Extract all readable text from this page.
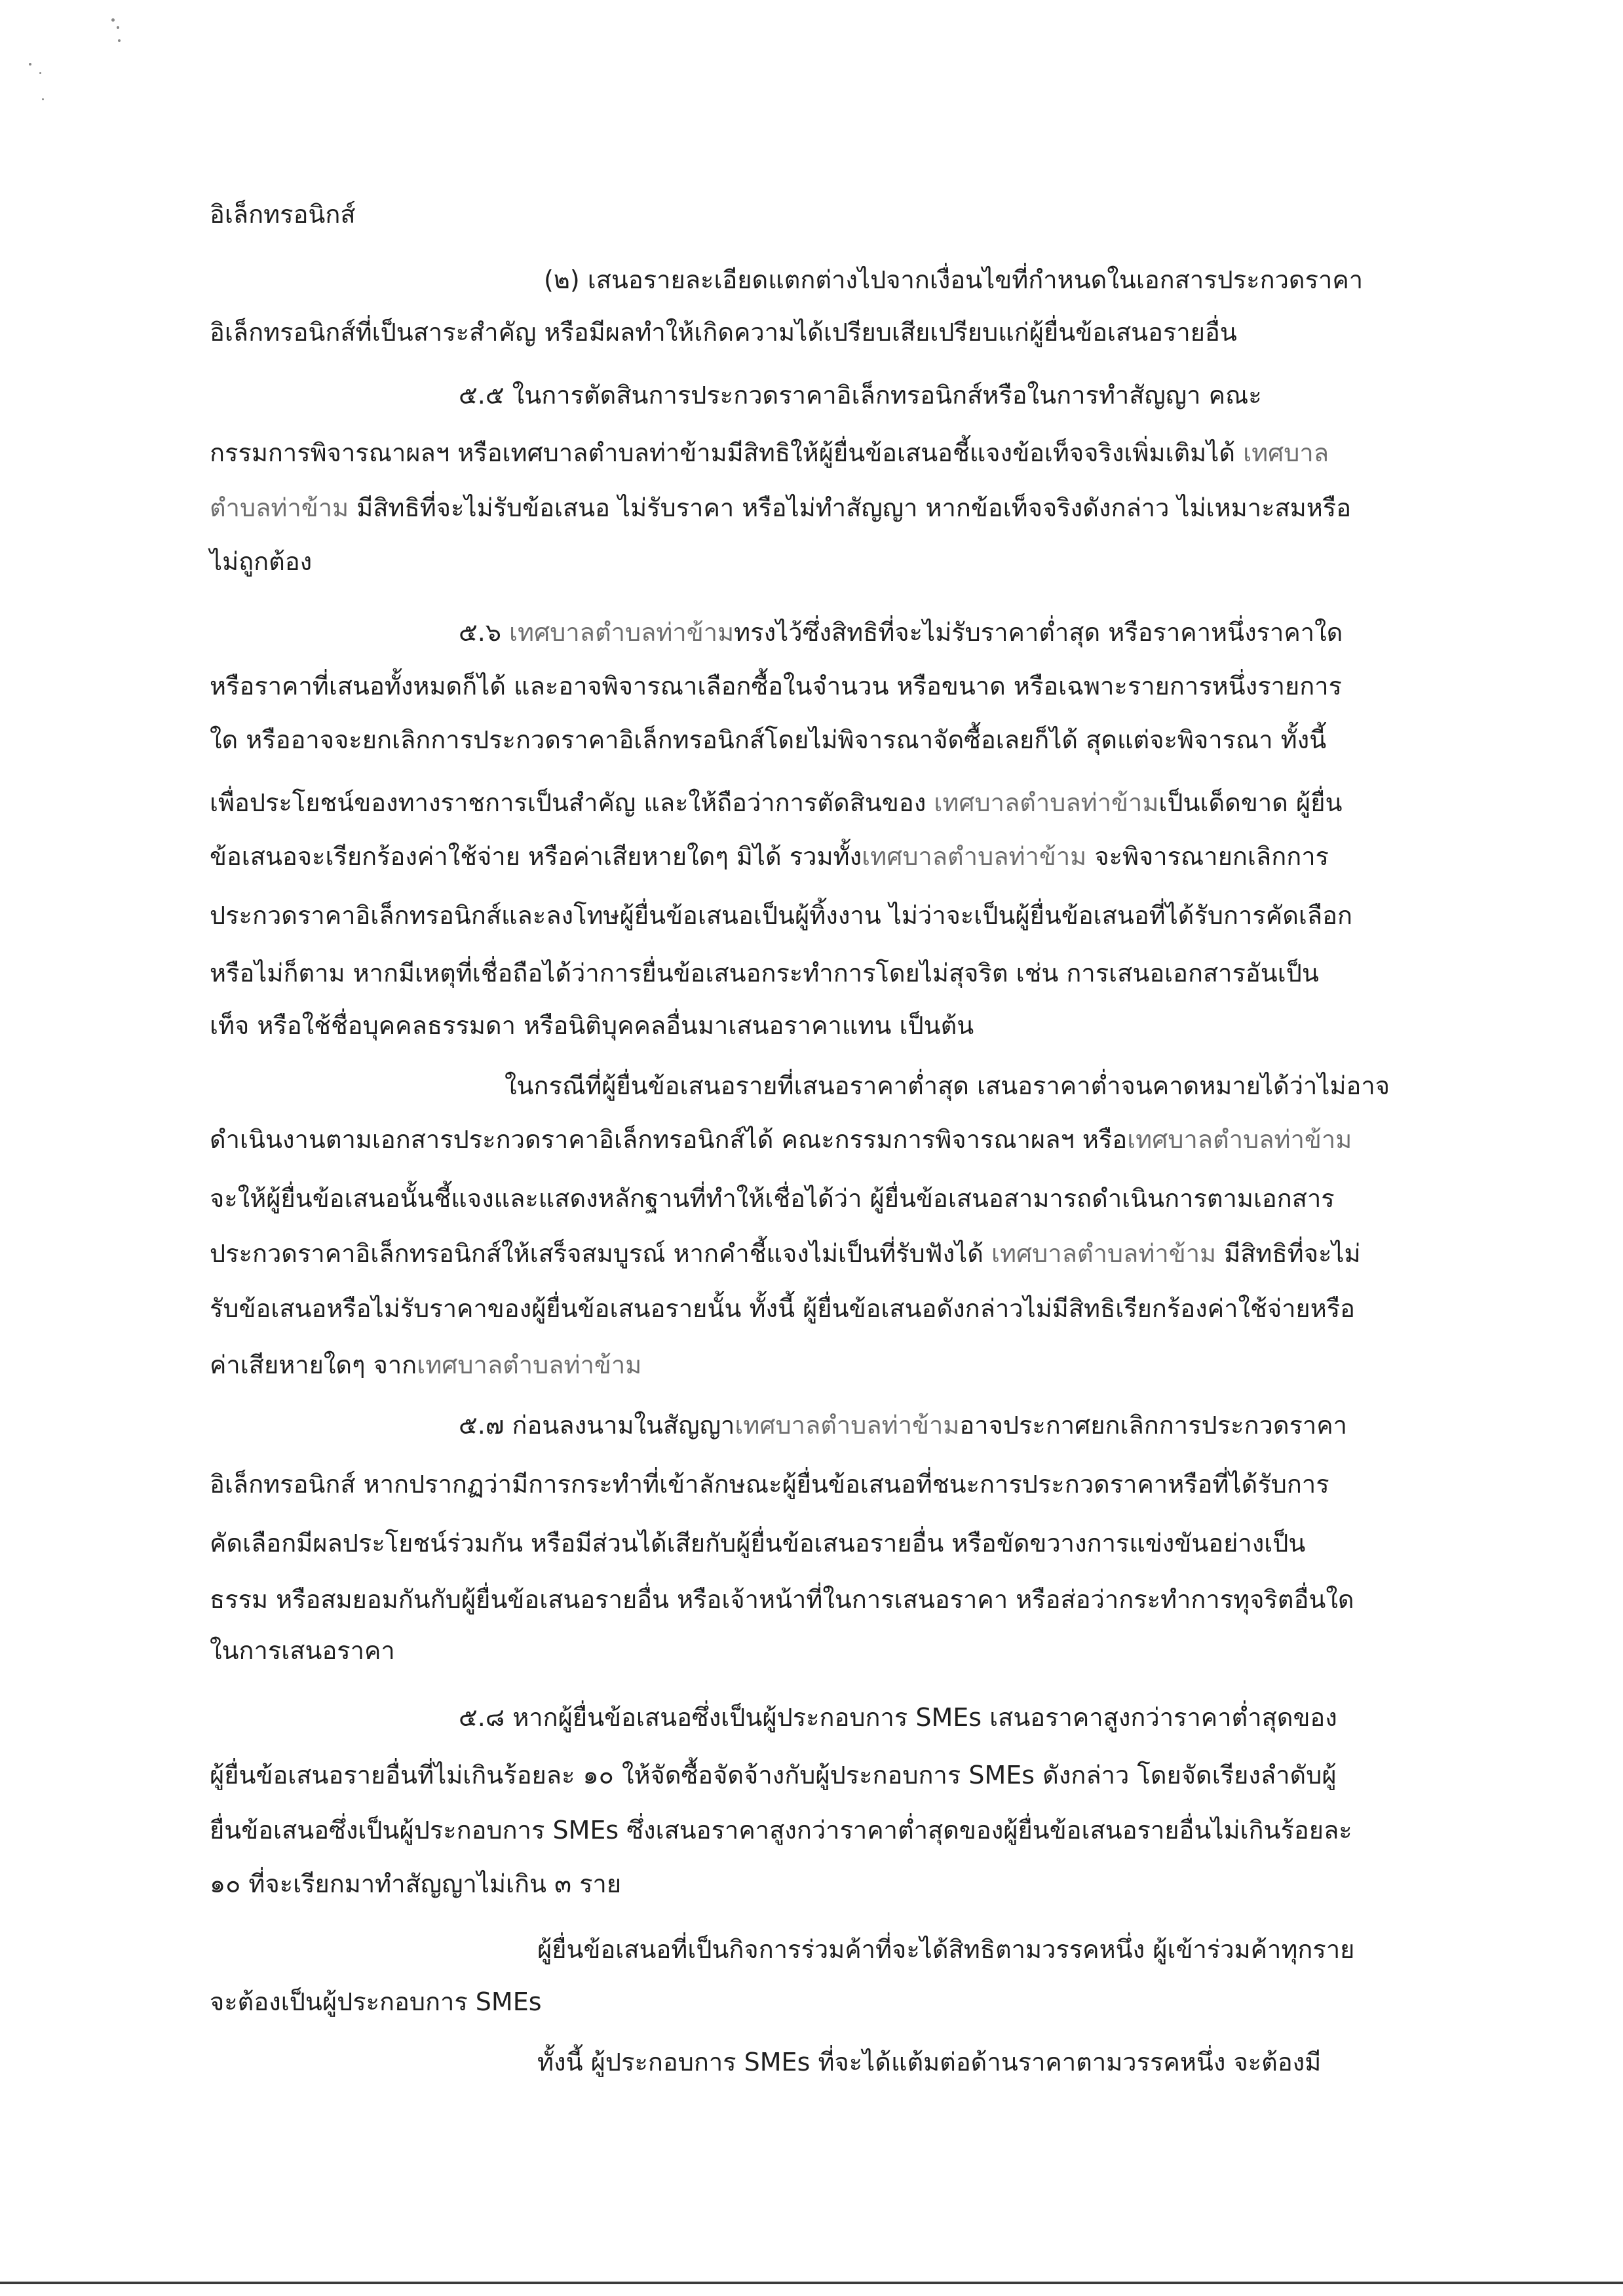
อิเล็กทรอนิกส์
(๒) เสนอรายละเอียดแตกต่างไปจากเงื่อนไขที่กำหนดในเอกสารประกวดราคา
อิเล็กทรอนิกส์ที่เป็นสาระสำคัญ หรือมีผลทำให้เกิดความได้เปรียบเสียเปรียบแก่ผู้ยื่นข้อเสนอรายอื่น
๕.๕ ในการตัดสินการประกวดราคาอิเล็กทรอนิกส์หรือในการทำสัญญา คณะ
กรรมการพิจารณาผลฯ หรือเทศบาลตำบลท่าข้ามมีสิทธิให้ผู้ยื่นข้อเสนอชี้แจงข้อเท็จจริงเพิ่มเติมได้ เทศบาล
ตำบลท่าข้าม มีสิทธิที่จะไม่รับข้อเสนอ ไม่รับราคา หรือไม่ทำสัญญา หากข้อเท็จจริงดังกล่าว ไม่เหมาะสมหรือ
ไม่ถูกต้อง
๕.๖ เทศบาลตำบลท่าข้ามทรงไว้ซึ่งสิทธิที่จะไม่รับราคาต่ำสุด หรือราคาหนึ่งราคาใด
หรือราคาที่เสนอทั้งหมดก็ได้ และอาจพิจารณาเลือกซื้อในจำนวน หรือขนาด หรือเฉพาะรายการหนึ่งรายการ
ใด หรืออาจจะยกเลิกการประกวดราคาอิเล็กทรอนิกส์โดยไม่พิจารณาจัดซื้อเลยก็ได้ สุดแต่จะพิจารณา ทั้งนี้
เพื่อประโยชน์ของทางราชการเป็นสำคัญ และให้ถือว่าการตัดสินของ เทศบาลตำบลท่าข้ามเป็นเด็ดขาด ผู้ยื่น
ข้อเสนอจะเรียกร้องค่าใช้จ่าย หรือค่าเสียหายใดๆ มิได้ รวมทั้งเทศบาลตำบลท่าข้าม จะพิจารณายกเลิกการ
ประกวดราคาอิเล็กทรอนิกส์และลงโทษผู้ยื่นข้อเสนอเป็นผู้ทิ้งงาน ไม่ว่าจะเป็นผู้ยื่นข้อเสนอที่ได้รับการคัดเลือก
หรือไม่ก็ตาม หากมีเหตุที่เชื่อถือได้ว่าการยื่นข้อเสนอกระทำการโดยไม่สุจริต เช่น การเสนอเอกสารอันเป็น
เท็จ หรือใช้ชื่อบุคคลธรรมดา หรือนิติบุคคลอื่นมาเสนอราคาแทน เป็นต้น
ในกรณีที่ผู้ยื่นข้อเสนอรายที่เสนอราคาต่ำสุด เสนอราคาต่ำจนคาดหมายได้ว่าไม่อาจ
ดำเนินงานตามเอกสารประกวดราคาอิเล็กทรอนิกส์ได้ คณะกรรมการพิจารณาผลฯ หรือเทศบาลตำบลท่าข้าม
จะให้ผู้ยื่นข้อเสนอนั้นชี้แจงและแสดงหลักฐานที่ทำให้เชื่อได้ว่า ผู้ยื่นข้อเสนอสามารถดำเนินการตามเอกสาร
ประกวดราคาอิเล็กทรอนิกส์ให้เสร็จสมบูรณ์ หากคำชี้แจงไม่เป็นที่รับฟังได้ เทศบาลตำบลท่าข้าม มีสิทธิที่จะไม่
รับข้อเสนอหรือไม่รับราคาของผู้ยื่นข้อเสนอรายนั้น ทั้งนี้ ผู้ยื่นข้อเสนอดังกล่าวไม่มีสิทธิเรียกร้องค่าใช้จ่ายหรือ
ค่าเสียหายใดๆ จากเทศบาลตำบลท่าข้าม
๕.๗ ก่อนลงนามในสัญญาเทศบาลตำบลท่าข้ามอาจประกาศยกเลิกการประกวดราคา
อิเล็กทรอนิกส์ หากปรากฏว่ามีการกระทำที่เข้าลักษณะผู้ยื่นข้อเสนอที่ชนะการประกวดราคาหรือที่ได้รับการ
คัดเลือกมีผลประโยชน์ร่วมกัน หรือมีส่วนได้เสียกับผู้ยื่นข้อเสนอรายอื่น หรือขัดขวางการแข่งขันอย่างเป็น
ธรรม หรือสมยอมกันกับผู้ยื่นข้อเสนอรายอื่น หรือเจ้าหน้าที่ในการเสนอราคา หรือส่อว่ากระทำการทุจริตอื่นใด
ในการเสนอราคา
๕.๘ หากผู้ยื่นข้อเสนอซึ่งเป็นผู้ประกอบการ SMEs เสนอราคาสูงกว่าราคาต่ำสุดของ
ผู้ยื่นข้อเสนอรายอื่นที่ไม่เกินร้อยละ ๑๐ ให้จัดซื้อจัดจ้างกับผู้ประกอบการ SMEs ดังกล่าว โดยจัดเรียงลำดับผู้
ยื่นข้อเสนอซึ่งเป็นผู้ประกอบการ SMEs ซึ่งเสนอราคาสูงกว่าราคาต่ำสุดของผู้ยื่นข้อเสนอรายอื่นไม่เกินร้อยละ
๑๐ ที่จะเรียกมาทำสัญญาไม่เกิน ๓ ราย
ผู้ยื่นข้อเสนอที่เป็นกิจการร่วมค้าที่จะได้สิทธิตามวรรคหนึ่ง ผู้เข้าร่วมค้าทุกราย
จะต้องเป็นผู้ประกอบการ SMEs
ทั้งนี้ ผู้ประกอบการ SMEs ที่จะได้แต้มต่อด้านราคาตามวรรคหนึ่ง จะต้องมี
